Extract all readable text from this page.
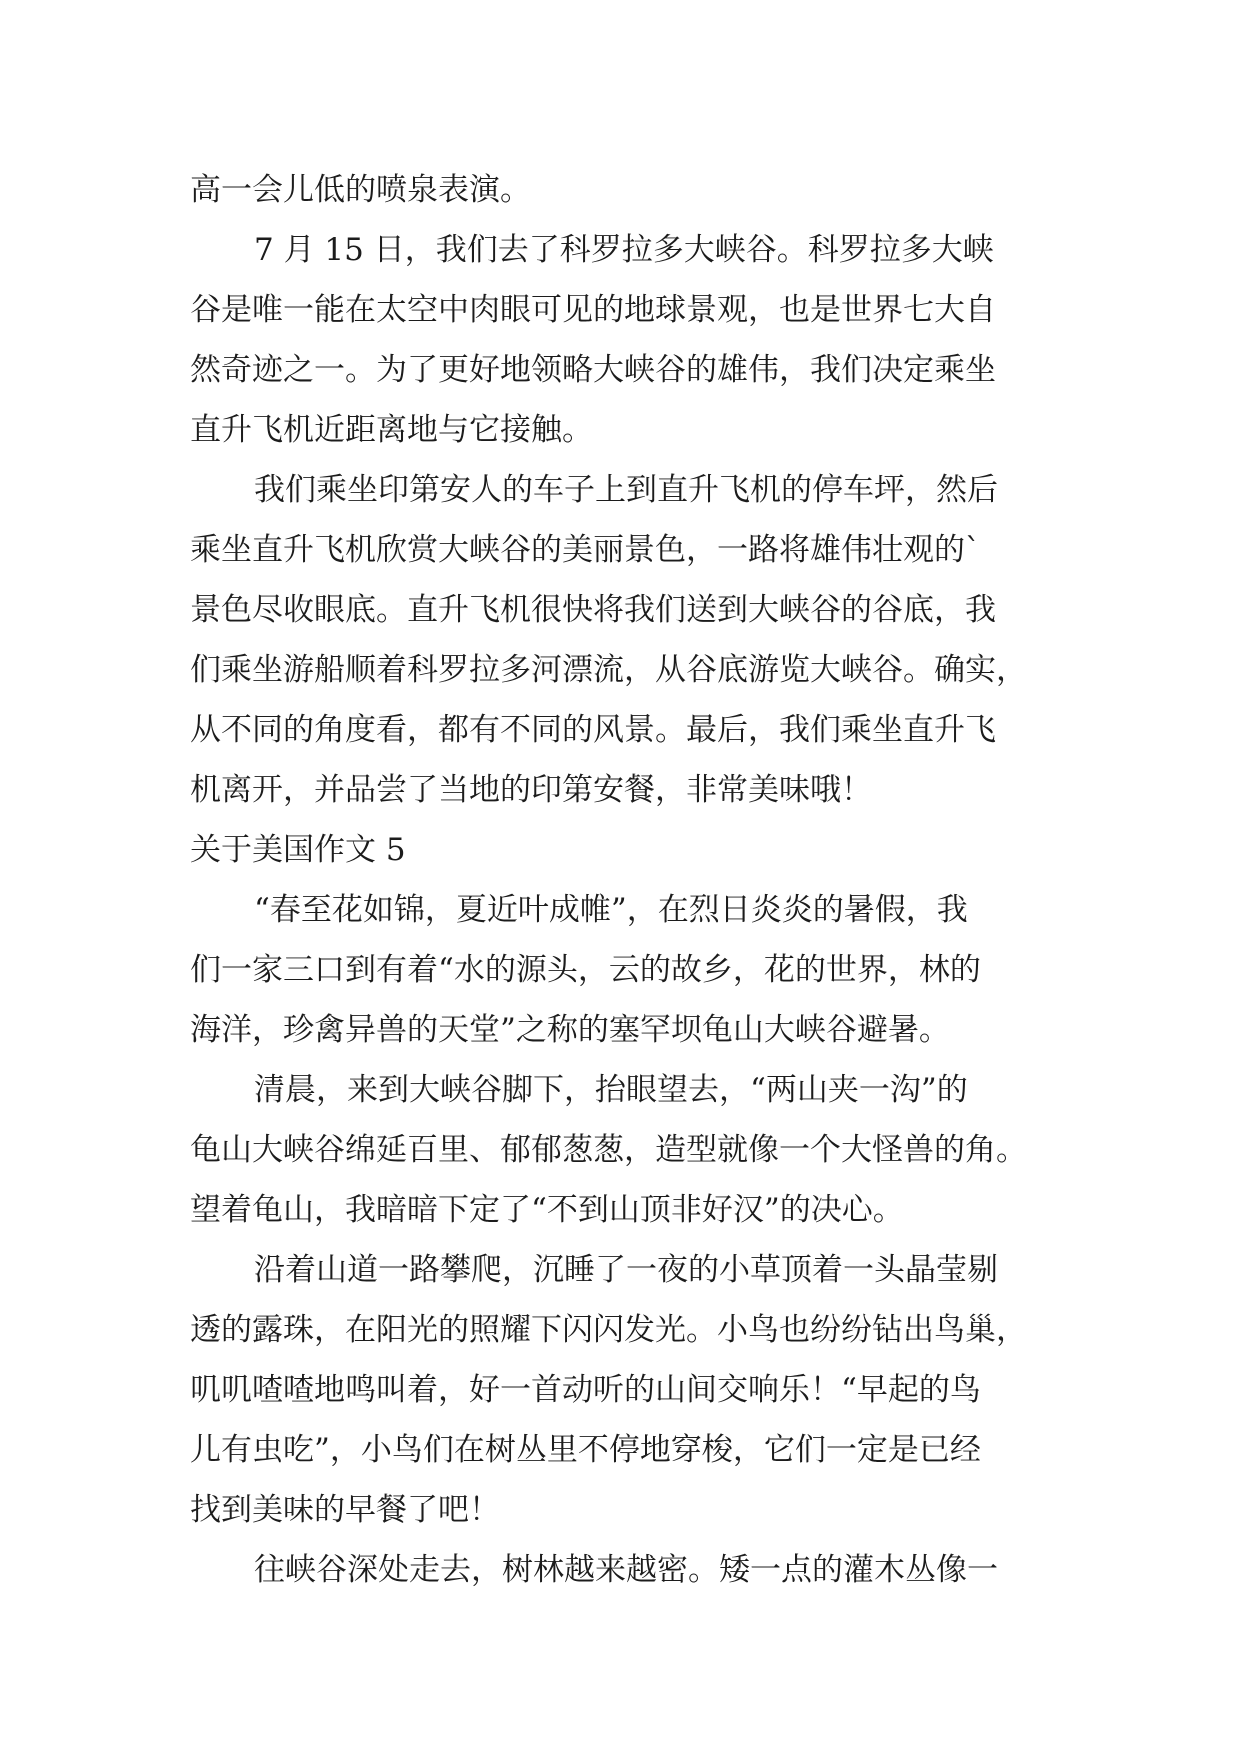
高一会儿低的喷泉表演。
7 月 15 日，我们去了科罗拉多大峡谷。科罗拉多大峡
谷是唯一能在太空中肉眼可见的地球景观，也是世界七大自
然奇迹之一。为了更好地领略大峡谷的雄伟，我们决定乘坐
直升飞机近距离地与它接触。
我们乘坐印第安人的车子上到直升飞机的停车坪，然后
乘坐直升飞机欣赏大峡谷的美丽景色，一路将雄伟壮观的`
景色尽收眼底。直升飞机很快将我们送到大峡谷的谷底，我
们乘坐游船顺着科罗拉多河漂流，从谷底游览大峡谷。确实，
从不同的角度看，都有不同的风景。最后，我们乘坐直升飞
机离开，并品尝了当地的印第安餐，非常美味哦！
关于美国作文 5
“春至花如锦，夏近叶成帷”，在烈日炎炎的暑假，我
们一家三口到有着“水的源头，云的故乡，花的世界，林的
海洋，珍禽异兽的天堂”之称的塞罕坝龟山大峡谷避暑。
清晨，来到大峡谷脚下，抬眼望去，“两山夹一沟”的
龟山大峡谷绵延百里、郁郁葱葱，造型就像一个大怪兽的角。
望着龟山，我暗暗下定了“不到山顶非好汉”的决心。
沿着山道一路攀爬，沉睡了一夜的小草顶着一头晶莹剔
透的露珠，在阳光的照耀下闪闪发光。小鸟也纷纷钻出鸟巢，
叽叽喳喳地鸣叫着，好一首动听的山间交响乐！“早起的鸟
儿有虫吃”，小鸟们在树丛里不停地穿梭，它们一定是已经
找到美味的早餐了吧！
往峡谷深处走去，树林越来越密。矮一点的灌木丛像一
